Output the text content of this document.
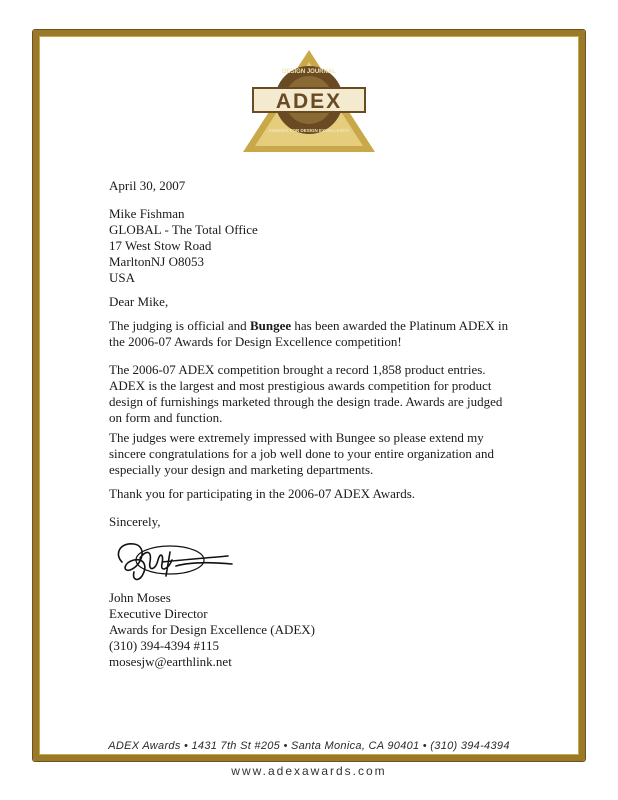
DESIGN JOURNAL
AWARDS FOR DESIGN EXCELLENCE
ADEX
April 30, 2007
Mike Fishman
GLOBAL - The Total Office
17 West Stow Road
MarltonNJ O8053
USA
Dear Mike,
The judging is official and Bungee has been awarded the Platinum ADEX in the 2006-07 Awards for Design Excellence competition!
The 2006-07 ADEX competition brought a record 1,858 product entries. ADEX is the largest and most prestigious awards competition for product design of furnishings marketed through the design trade. Awards are judged on form and function.
The judges were extremely impressed with Bungee so please extend my sincere congratulations for a job well done to your entire organization and especially your design and marketing departments.
Thank you for participating in the 2006-07 ADEX Awards.
Sincerely,
John Moses
Executive Director
Awards for Design Excellence (ADEX)
(310) 394-4394 #115
mosesjw@earthlink.net
ADEX Awards • 1431 7th St #205 • Santa Monica, CA 90401 • (310) 394-4394
www.adexawards.com
